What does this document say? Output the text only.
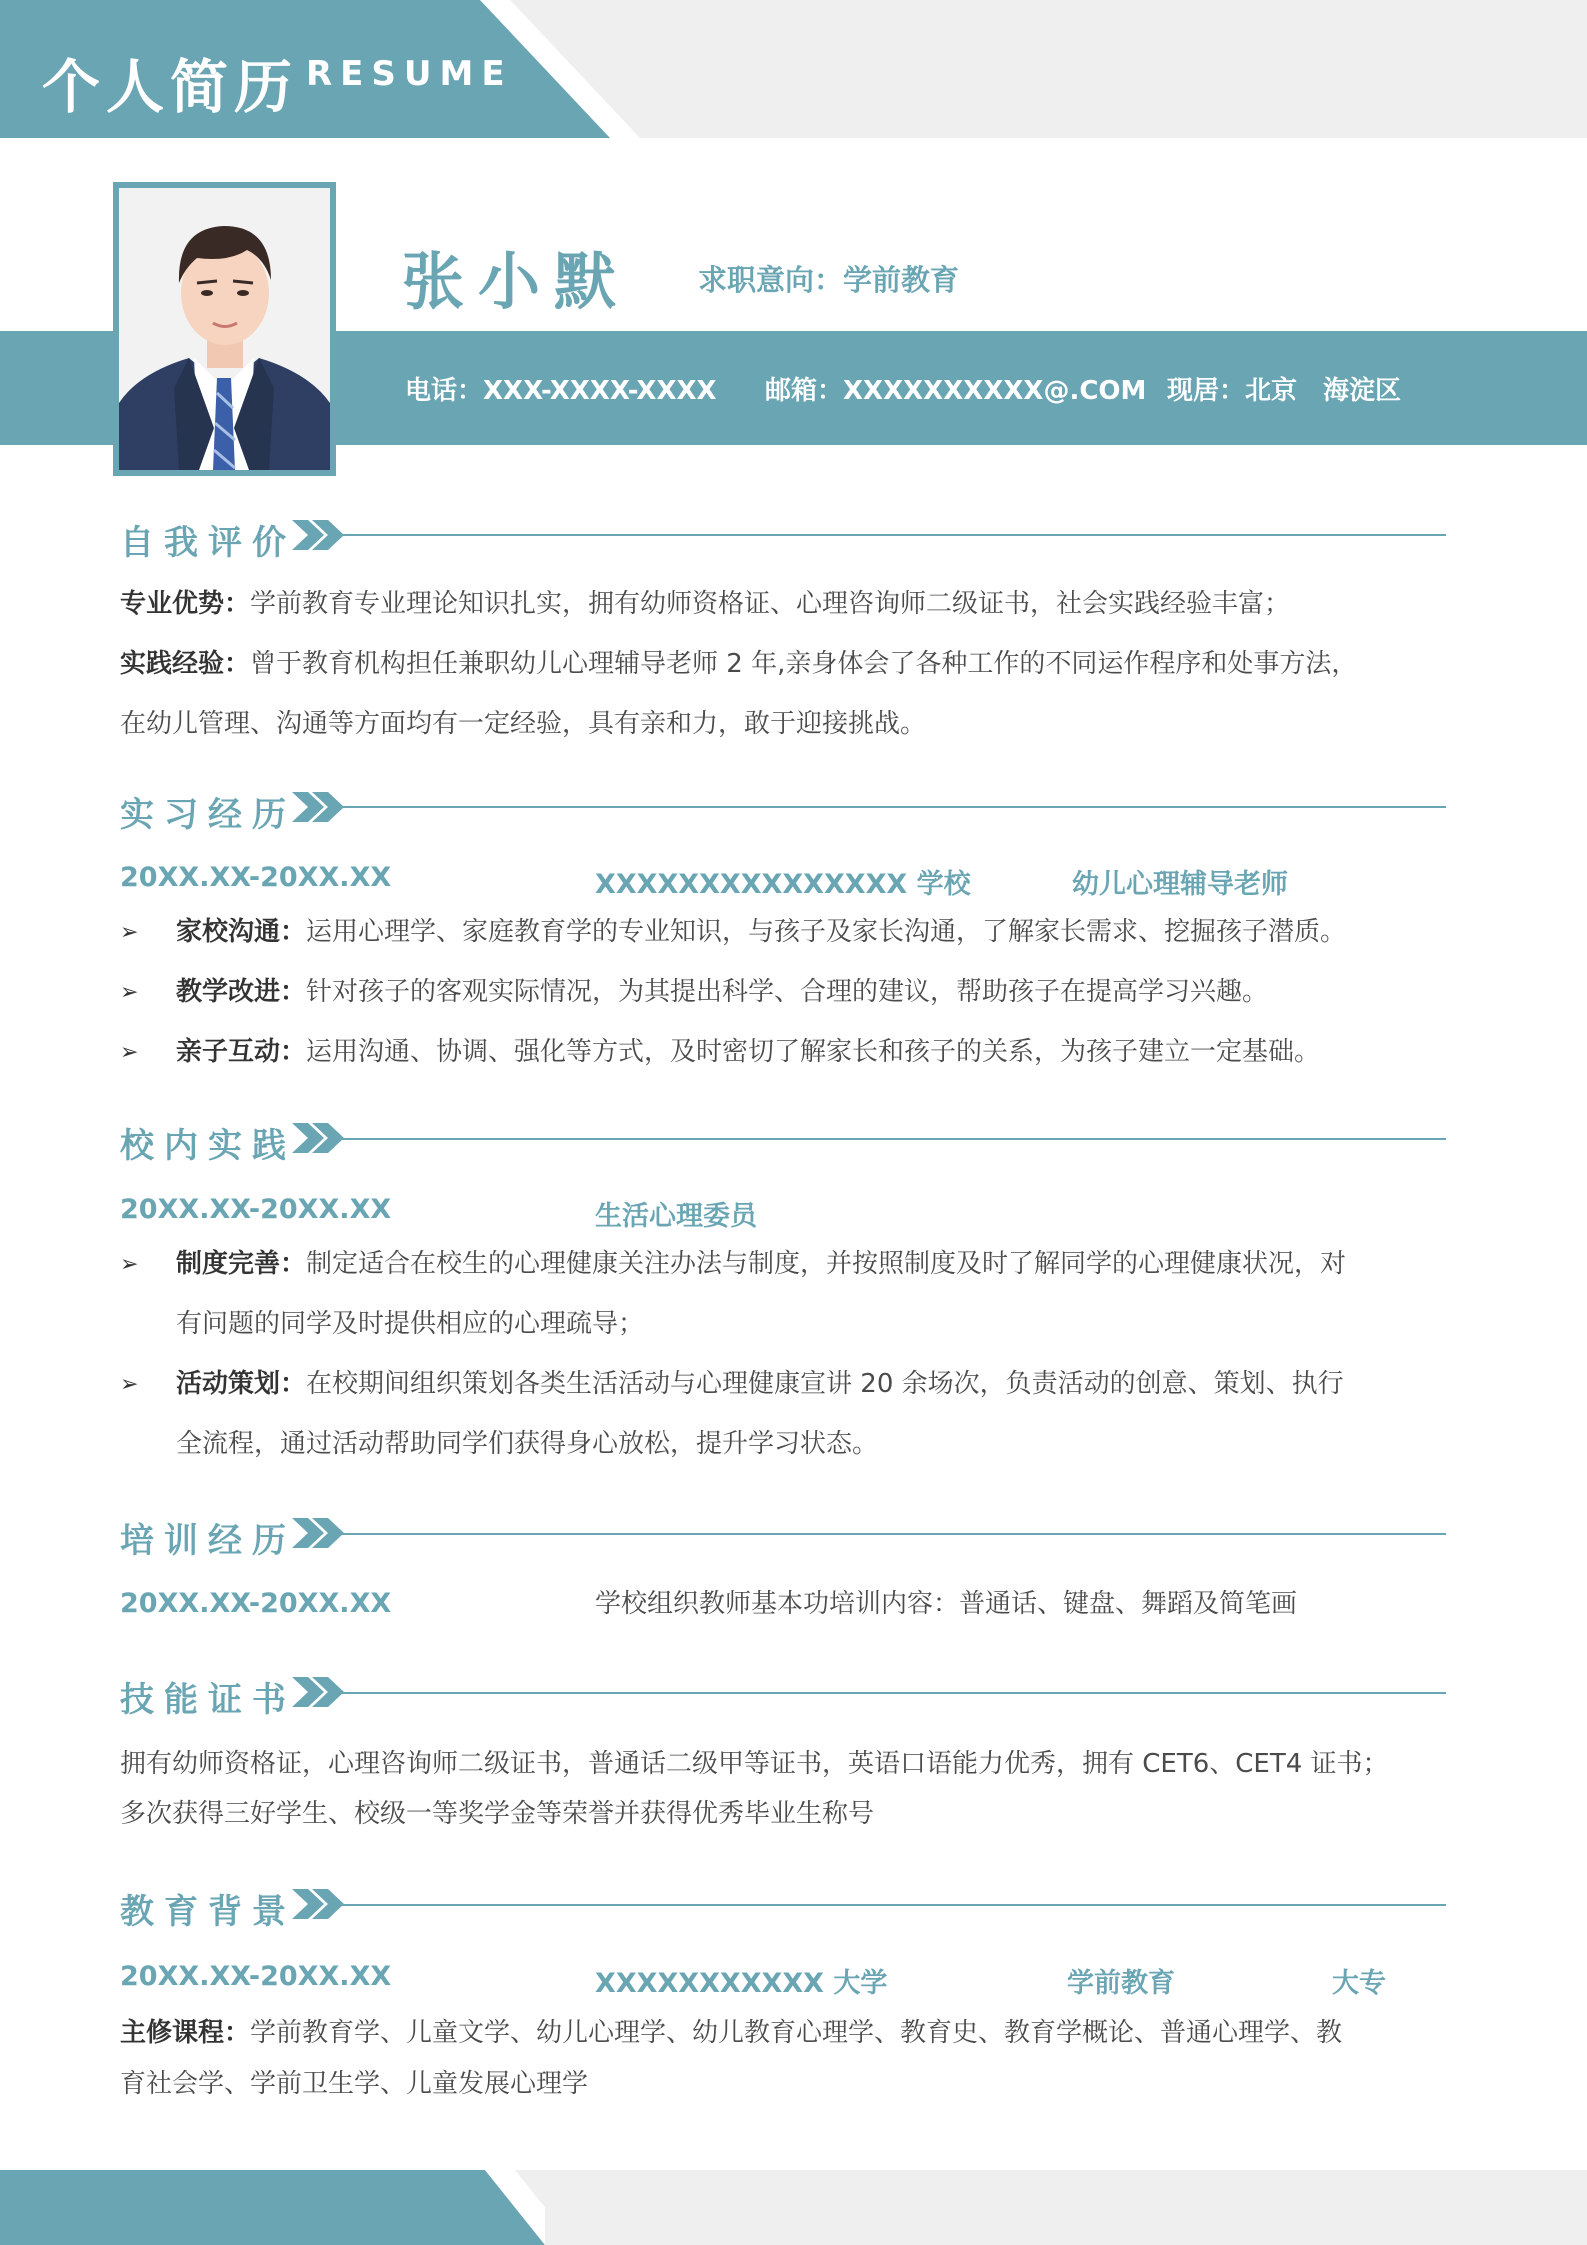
个人简历 RESUME
张小默 求职意向：学前教育
电话：XXX-XXXX-XXXX 邮箱：XXXXXXXXXX@.COM 现居：北京　海淀区
自我评价
专业优势：学前教育专业理论知识扎实，拥有幼师资格证、心理咨询师二级证书，社会实践经验丰富；
实践经验：曾于教育机构担任兼职幼儿心理辅导老师 2 年,亲身体会了各种工作的不同运作程序和处事方法，
在幼儿管理、沟通等方面均有一定经验，具有亲和力，敢于迎接挑战。
实习经历
20XX.XX-20XX.XX	XXXXXXXXXXXXXXX 学校	幼儿心理辅导老师
➢ 家校沟通：运用心理学、家庭教育学的专业知识，与孩子及家长沟通，了解家长需求、挖掘孩子潜质。
➢ 教学改进：针对孩子的客观实际情况，为其提出科学、合理的建议，帮助孩子在提高学习兴趣。
➢ 亲子互动：运用沟通、协调、强化等方式，及时密切了解家长和孩子的关系，为孩子建立一定基础。
校内实践
20XX.XX-20XX.XX	生活心理委员
➢ 制度完善：制定适合在校生的心理健康关注办法与制度，并按照制度及时了解同学的心理健康状况，对
有问题的同学及时提供相应的心理疏导；
➢ 活动策划：在校期间组织策划各类生活活动与心理健康宣讲 20 余场次，负责活动的创意、策划、执行
全流程，通过活动帮助同学们获得身心放松，提升学习状态。
培训经历
20XX.XX-20XX.XX	学校组织教师基本功培训内容：普通话、键盘、舞蹈及简笔画
技能证书
拥有幼师资格证，心理咨询师二级证书，普通话二级甲等证书，英语口语能力优秀，拥有 CET6、CET4 证书；
多次获得三好学生、校级一等奖学金等荣誉并获得优秀毕业生称号
教育背景
20XX.XX-20XX.XX	XXXXXXXXXXX 大学	学前教育	大专
主修课程：学前教育学、儿童文学、幼儿心理学、幼儿教育心理学、教育史、教育学概论、普通心理学、教
育社会学、学前卫生学、儿童发展心理学
